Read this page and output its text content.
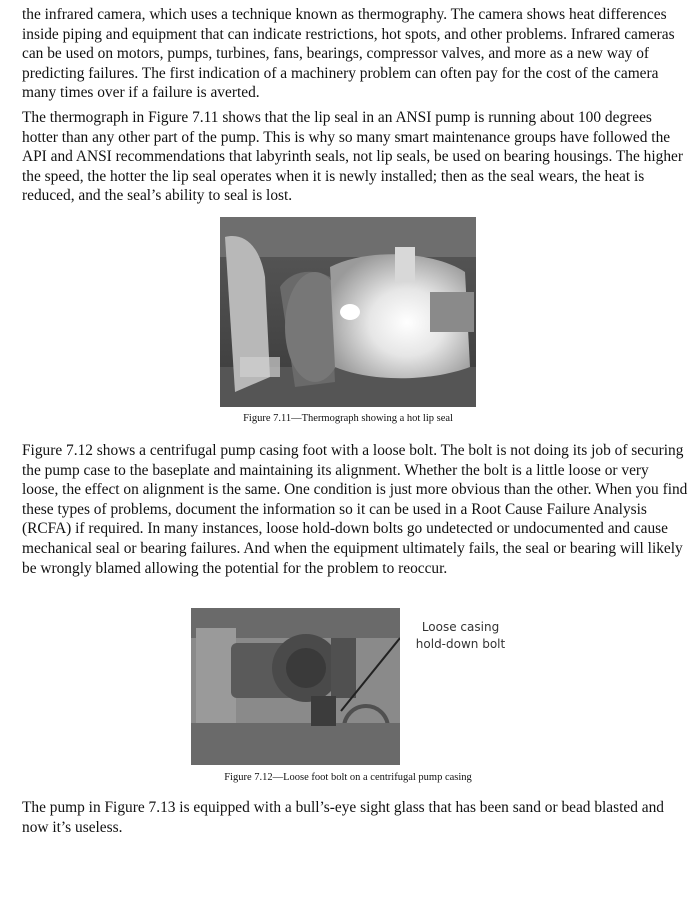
the infrared camera, which uses a technique known as thermography. The camera shows heat differences inside piping and equipment that can indicate restrictions, hot spots, and other problems. Infrared cameras can be used on motors, pumps, turbines, fans, bearings, compressor valves, and more as a new way of predicting failures. The first indication of a machinery problem can often pay for the cost of the camera many times over if a failure is averted.

The thermograph in Figure 7.11 shows that the lip seal in an ANSI pump is running about 100 degrees hotter than any other part of the pump. This is why so many smart maintenance groups have followed the API and ANSI recommendations that labyrinth seals, not lip seals, be used on bearing housings. The higher the speed, the hotter the lip seal operates when it is newly installed; then as the seal wears, the heat is reduced, and the seal’s ability to seal is lost.

Figure 7.11—Thermograph showing a hot lip seal

Figure 7.12 shows a centrifugal pump casing foot with a loose bolt. The bolt is not doing its job of securing the pump case to the baseplate and maintaining its alignment. Whether the bolt is a little loose or very loose, the effect on alignment is the same. One condition is just more obvious than the other. When you find these types of problems, document the information so it can be used in a Root Cause Failure Analysis (RCFA) if required. In many instances, loose hold-down bolts go undetected or undocumented and cause mechanical seal or bearing failures. And when the equipment ultimately fails, the seal or bearing will likely be wrongly blamed allowing the potential for the problem to reoccur.

Loose casing
hold-down bolt
Figure 7.12—Loose foot bolt on a centrifugal pump casing

The pump in Figure 7.13 is equipped with a bull’s-eye sight glass that has been sand or bead blasted and now it’s useless.
